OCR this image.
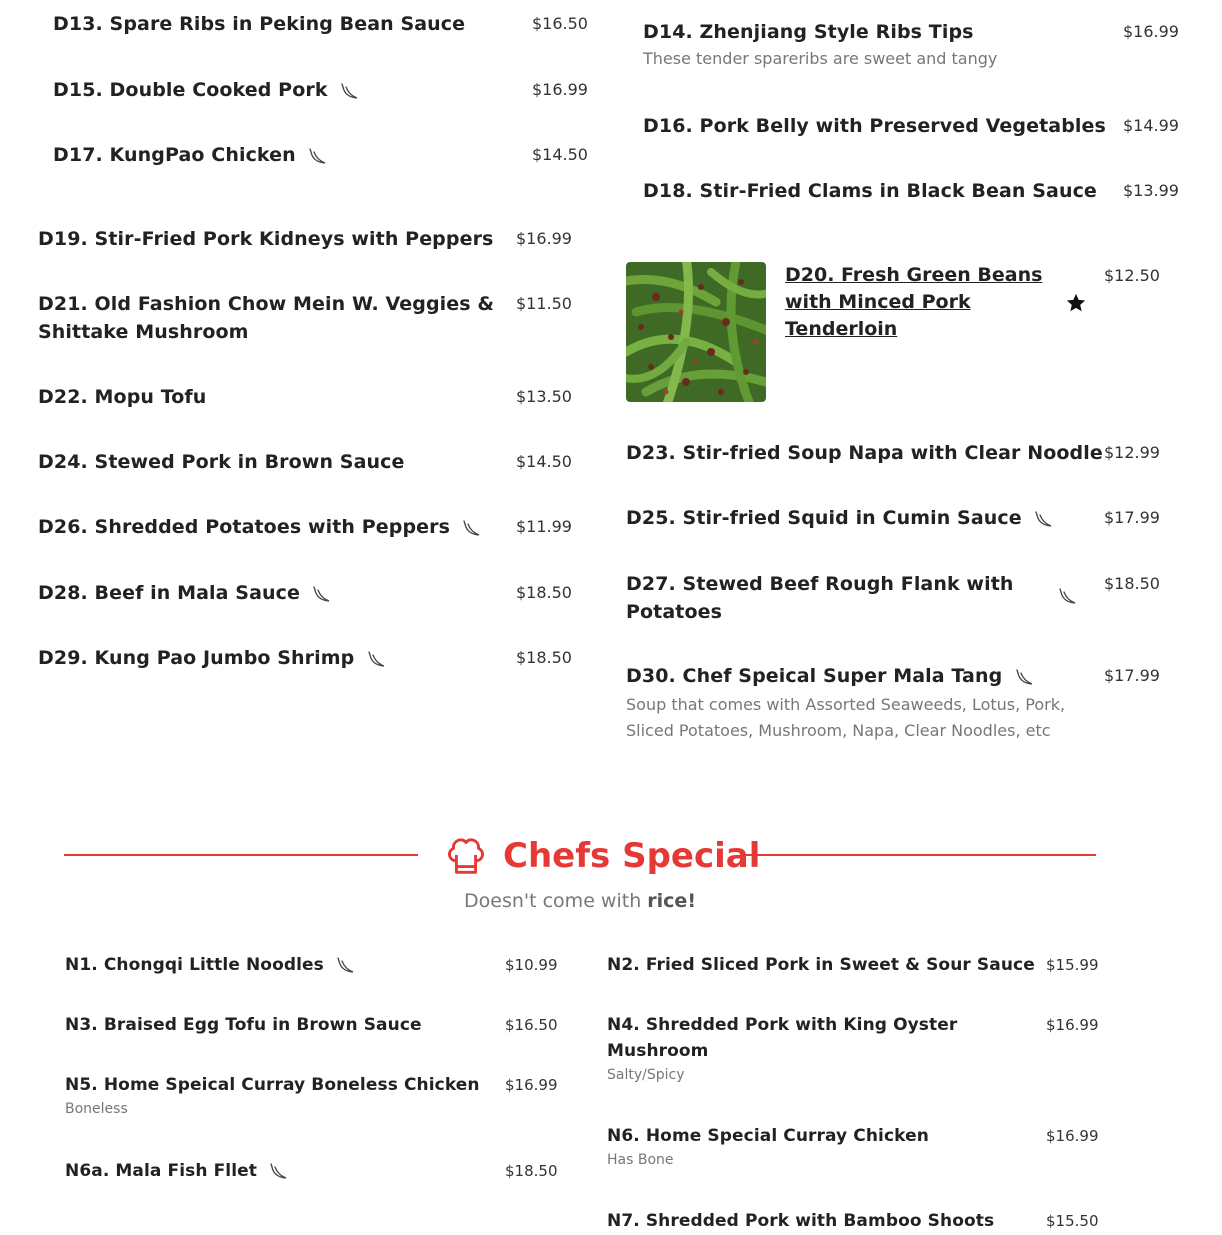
D13. Spare Ribs in Peking Bean Sauce	$16.50
D15. Double Cooked Pork	$16.99
D17. KungPao Chicken	$14.50
D14. Zhenjiang Style Ribs Tips
These tender spareribs are sweet and tangy
$16.99
D16. Pork Belly with Preserved Vegetables $14.99
D18. Stir-Fried Clams in Black Bean Sauce $13.99
D19. Stir-Fried Pork Kidneys with Peppers $16.99
D21. Old Fashion Chow Mein W. Veggies &
Shittake Mushroom
$11.50
D22. Mopu Tofu	$13.50
D24. Stewed Pork in Brown Sauce	$14.50
D26. Shredded Potatoes with Peppers	$11.99
D28. Beef in Mala Sauce	$18.50
D29. Kung Pao Jumbo Shrimp	$18.50
D20. Fresh Green Beans
with Minced Pork
Tenderloin
$12.50
D23. Stir-fried Soup Napa with Clear Noodle $12.99
D25. Stir-fried Squid in Cumin Sauce	$17.99
D27. Stewed Beef Rough Flank with
Potatoes
$18.50
D30. Chef Speical Super Mala Tang
Soup that comes with Assorted Seaweeds, Lotus, Pork,
Sliced Potatoes, Mushroom, Napa, Clear Noodles, etc
$17.99
Chefs Special
Doesn't come with rice!
N1. Chongqi Little Noodles	$10.99
N3. Braised Egg Tofu in Brown Sauce	$16.50
N5. Home Speical Curray Boneless Chicken
Boneless
$16.99
N6a. Mala Fish Fllet	$18.50
N2. Fried Sliced Pork in Sweet & Sour Sauce $15.99
N4. Shredded Pork with King Oyster
Mushroom
Salty/Spicy
$16.99
N6. Home Special Curray Chicken
Has Bone
$16.99
N7. Shredded Pork with Bamboo Shoots	$15.50
